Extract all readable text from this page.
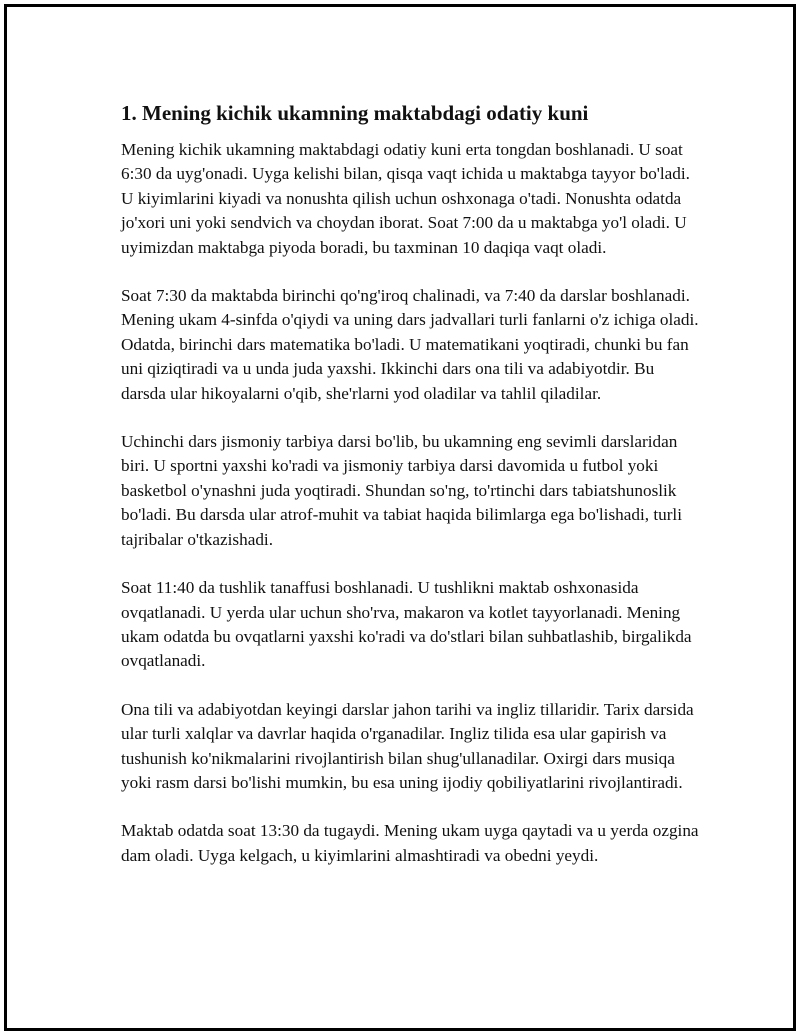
1. Mening kichik ukamning maktabdagi odatiy kuni

Mening kichik ukamning maktabdagi odatiy kuni erta tongdan boshlanadi. U soat 6:30 da uyg'onadi. Uyga kelishi bilan, qisqa vaqt ichida u maktabga tayyor bo'ladi. U kiyimlarini kiyadi va nonushta qilish uchun oshxonaga o'tadi. Nonushta odatda jo'xori uni yoki sendvich va choydan iborat. Soat 7:00 da u maktabga yo'l oladi. U uyimizdan maktabga piyoda boradi, bu taxminan 10 daqiqa vaqt oladi.

Soat 7:30 da maktabda birinchi qo'ng'iroq chalinadi, va 7:40 da darslar boshlanadi. Mening ukam 4-sinfda o'qiydi va uning dars jadvallari turli fanlarni o'z ichiga oladi. Odatda, birinchi dars matematika bo'ladi. U matematikani yoqtiradi, chunki bu fan uni qiziqtiradi va u unda juda yaxshi. Ikkinchi dars ona tili va adabiyotdir. Bu darsda ular hikoyalarni o'qib, she'rlarni yod oladilar va tahlil qiladilar.

Uchinchi dars jismoniy tarbiya darsi bo'lib, bu ukamning eng sevimli darslaridan biri. U sportni yaxshi ko'radi va jismoniy tarbiya darsi davomida u futbol yoki basketbol o'ynashni juda yoqtiradi. Shundan so'ng, to'rtinchi dars tabiatshunoslik bo'ladi. Bu darsda ular atrof-muhit va tabiat haqida bilimlarga ega bo'lishadi, turli tajribalar o'tkazishadi.

Soat 11:40 da tushlik tanaffusi boshlanadi. U tushlikni maktab oshxonasida ovqatlanadi. U yerda ular uchun sho'rva, makaron va kotlet tayyorlanadi. Mening ukam odatda bu ovqatlarni yaxshi ko'radi va do'stlari bilan suhbatlashib, birgalikda ovqatlanadi.

Ona tili va adabiyotdan keyingi darslar jahon tarihi va ingliz tillaridir. Tarix darsida ular turli xalqlar va davrlar haqida o'rganadilar. Ingliz tilida esa ular gapirish va tushunish ko'nikmalarini rivojlantirish bilan shug'ullanadilar. Oxirgi dars musiqa yoki rasm darsi bo'lishi mumkin, bu esa uning ijodiy qobiliyatlarini rivojlantiradi.

Maktab odatda soat 13:30 da tugaydi. Mening ukam uyga qaytadi va u yerda ozgina dam oladi. Uyga kelgach, u kiyimlarini almashtiradi va obedni yeydi.
